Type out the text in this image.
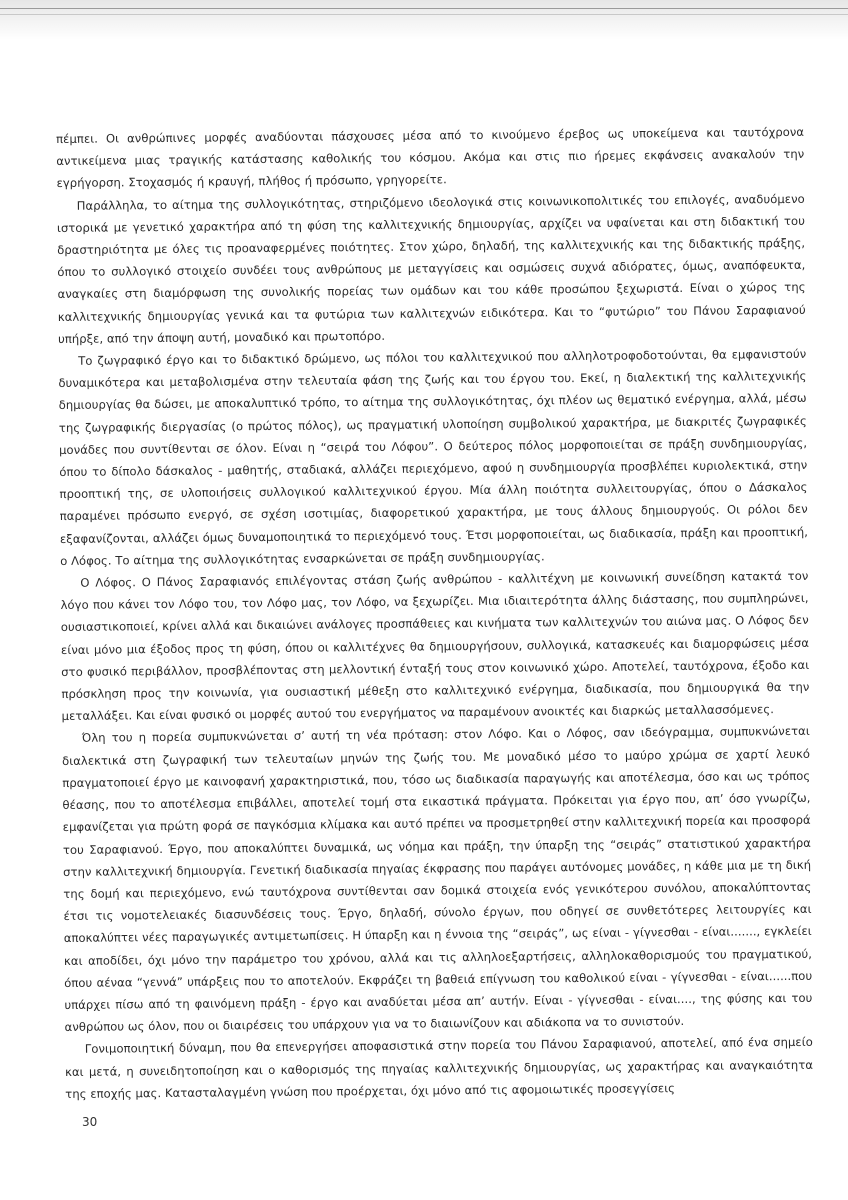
πέμπει. Οι ανθρώπινες μορφές αναδύονται πάσχουσες μέσα από το κινούμενο έρεβος ως υποκείμενα και ταυτόχρονα αντικείμενα μιας τραγικής κατάστασης καθολικής του κόσμου. Ακόμα και στις πιο ήρεμες εκφάνσεις ανακαλούν την εγρήγορση. Στοχασμός ή κραυγή, πλήθος ή πρόσωπο, γρηγορείτε.

Παράλληλα, το αίτημα της συλλογικότητας, στηριζόμενο ιδεολογικά στις κοινωνικοπολιτικές του επιλογές, αναδυόμενο ιστορικά με γενετικό χαρακτήρα από τη φύση της καλλιτεχνικής δημιουργίας, αρχίζει να υφαίνεται και στη διδακτική του δραστηριότητα με όλες τις προαναφερμένες ποιότητες. Στον χώρο, δηλαδή, της καλλιτεχνικής και της διδακτικής πράξης, όπου το συλλογικό στοιχείο συνδέει τους ανθρώπους με μεταγγίσεις και οσμώσεις συχνά αδιόρατες, όμως, αναπόφευκτα, αναγκαίες στη διαμόρφωση της συνολικής πορείας των ομάδων και του κάθε προσώπου ξεχωριστά. Είναι ο χώρος της καλλιτεχνικής δημιουργίας γενικά και τα φυτώρια των καλλιτεχνών ειδικότερα. Και το “φυτώριο” του Πάνου Σαραφιανού υπήρξε, από την άποψη αυτή, μοναδικό και πρωτοπόρο.

Το ζωγραφικό έργο και το διδακτικό δρώμενο, ως πόλοι του καλλιτεχνικού που αλληλοτροφοδοτούνται, θα εμφανιστούν δυναμικότερα και μεταβολισμένα στην τελευταία φάση της ζωής και του έργου του. Εκεί, η διαλεκτική της καλλιτεχνικής δημιουργίας θα δώσει, με αποκαλυπτικό τρόπο, το αίτημα της συλλογικότητας, όχι πλέον ως θεματικό ενέργημα, αλλά, μέσω της ζωγραφικής διεργασίας (ο πρώτος πόλος), ως πραγματική υλοποίηση συμβολικού χαρακτήρα, με διακριτές ζωγραφικές μονάδες που συντίθενται σε όλον. Είναι η “σειρά του Λόφου”. Ο δεύτερος πόλος μορφοποιείται σε πράξη συνδημιουργίας, όπου το δίπολο δάσκαλος - μαθητής, σταδιακά, αλλάζει περιεχόμενο, αφού η συνδημιουργία προσβλέπει κυριολεκτικά, στην προοπτική της, σε υλοποιήσεις συλλογικού καλλιτεχνικού έργου. Μία άλλη ποιότητα συλλειτουργίας, όπου ο Δάσκαλος παραμένει πρόσωπο ενεργό, σε σχέση ισοτιμίας, διαφορετικού χαρακτήρα, με τους άλλους δημιουργούς. Οι ρόλοι δεν εξαφανίζονται, αλλάζει όμως δυναμοποιητικά το περιεχόμενό τους. Έτσι μορφοποιείται, ως διαδικασία, πράξη και προοπτική, ο Λόφος. Το αίτημα της συλλογικότητας ενσαρκώνεται σε πράξη συνδημιουργίας.

Ο Λόφος. Ο Πάνος Σαραφιανός επιλέγοντας στάση ζωής ανθρώπου - καλλιτέχνη με κοινωνική συνείδηση κατακτά τον λόγο που κάνει τον Λόφο του, τον Λόφο μας, τον Λόφο, να ξεχωρίζει. Μια ιδιαιτερότητα άλλης διάστασης, που συμπληρώνει, ουσιαστικοποιεί, κρίνει αλλά και δικαιώνει ανάλογες προσπάθειες και κινήματα των καλλιτεχνών του αιώνα μας. Ο Λόφος δεν είναι μόνο μια έξοδος προς τη φύση, όπου οι καλλιτέχνες θα δημιουργήσουν, συλλογικά, κατασκευές και διαμορφώσεις μέσα στο φυσικό περιβάλλον, προσβλέποντας στη μελλοντική ένταξή τους στον κοινωνικό χώρο. Αποτελεί, ταυτόχρονα, έξοδο και πρόσκληση προς την κοινωνία, για ουσιαστική μέθεξη στο καλλιτεχνικό ενέργημα, διαδικασία, που δημιουργικά θα την μεταλλάξει. Και είναι φυσικό οι μορφές αυτού του ενεργήματος να παραμένουν ανοικτές και διαρκώς μεταλλασσόμενες.

Όλη του η πορεία συμπυκνώνεται σ’ αυτή τη νέα πρόταση: στον Λόφο. Και ο Λόφος, σαν ιδεόγραμμα, συμπυκνώνεται διαλεκτικά στη ζωγραφική των τελευταίων μηνών της ζωής του. Με μοναδικό μέσο το μαύρο χρώμα σε χαρτί λευκό πραγματοποιεί έργο με καινοφανή χαρακτηριστικά, που, τόσο ως διαδικασία παραγωγής και αποτέλεσμα, όσο και ως τρόπος θέασης, που το αποτέλεσμα επιβάλλει, αποτελεί τομή στα εικαστικά πράγματα. Πρόκειται για έργο που, απ’ όσο γνωρίζω, εμφανίζεται για πρώτη φορά σε παγκόσμια κλίμακα και αυτό πρέπει να προσμετρηθεί στην καλλιτεχνική πορεία και προσφορά του Σαραφιανού. Έργο, που αποκαλύπτει δυναμικά, ως νόημα και πράξη, την ύπαρξη της “σειράς” στατιστικού χαρακτήρα στην καλλιτεχνική δημιουργία. Γενετική διαδικασία πηγαίας έκφρασης που παράγει αυτόνομες μονάδες, η κάθε μια με τη δική της δομή και περιεχόμενο, ενώ ταυτόχρονα συντίθενται σαν δομικά στοιχεία ενός γενικότερου συνόλου, αποκαλύπτοντας έτσι τις νομοτελειακές διασυνδέσεις τους. Έργο, δηλαδή, σύνολο έργων, που οδηγεί σε συνθετότερες λειτουργίες και αποκαλύπτει νέες παραγωγικές αντιμετωπίσεις. Η ύπαρξη και η έννοια της “σειράς”, ως είναι - γίγνεσθαι - είναι......., εγκλείει και αποδίδει, όχι μόνο την παράμετρο του χρόνου, αλλά και τις αλληλοεξαρτήσεις, αλληλοκαθορισμούς του πραγματικού, όπου αέναα “γεννά” υπάρξεις που το αποτελούν. Εκφράζει τη βαθειά επίγνωση του καθολικού είναι - γίγνεσθαι - είναι......που υπάρχει πίσω από τη φαινόμενη πράξη - έργο και αναδύεται μέσα απ’ αυτήν. Είναι - γίγνεσθαι - είναι...., της φύσης και του ανθρώπου ως όλον, που οι διαιρέσεις του υπάρχουν για να το διαιωνίζουν και αδιάκοπα να το συνιστούν.

Γονιμοποιητική δύναμη, που θα επενεργήσει αποφασιστικά στην πορεία του Πάνου Σαραφιανού, αποτελεί, από ένα σημείο και μετά, η συνειδητοποίηση και ο καθορισμός της πηγαίας καλλιτεχνικής δημιουργίας, ως χαρακτήρας και αναγκαιότητα της εποχής μας. Κατασταλαγμένη γνώση που προέρχεται, όχι μόνο από τις αφομοιωτικές προσεγγίσεις

30
